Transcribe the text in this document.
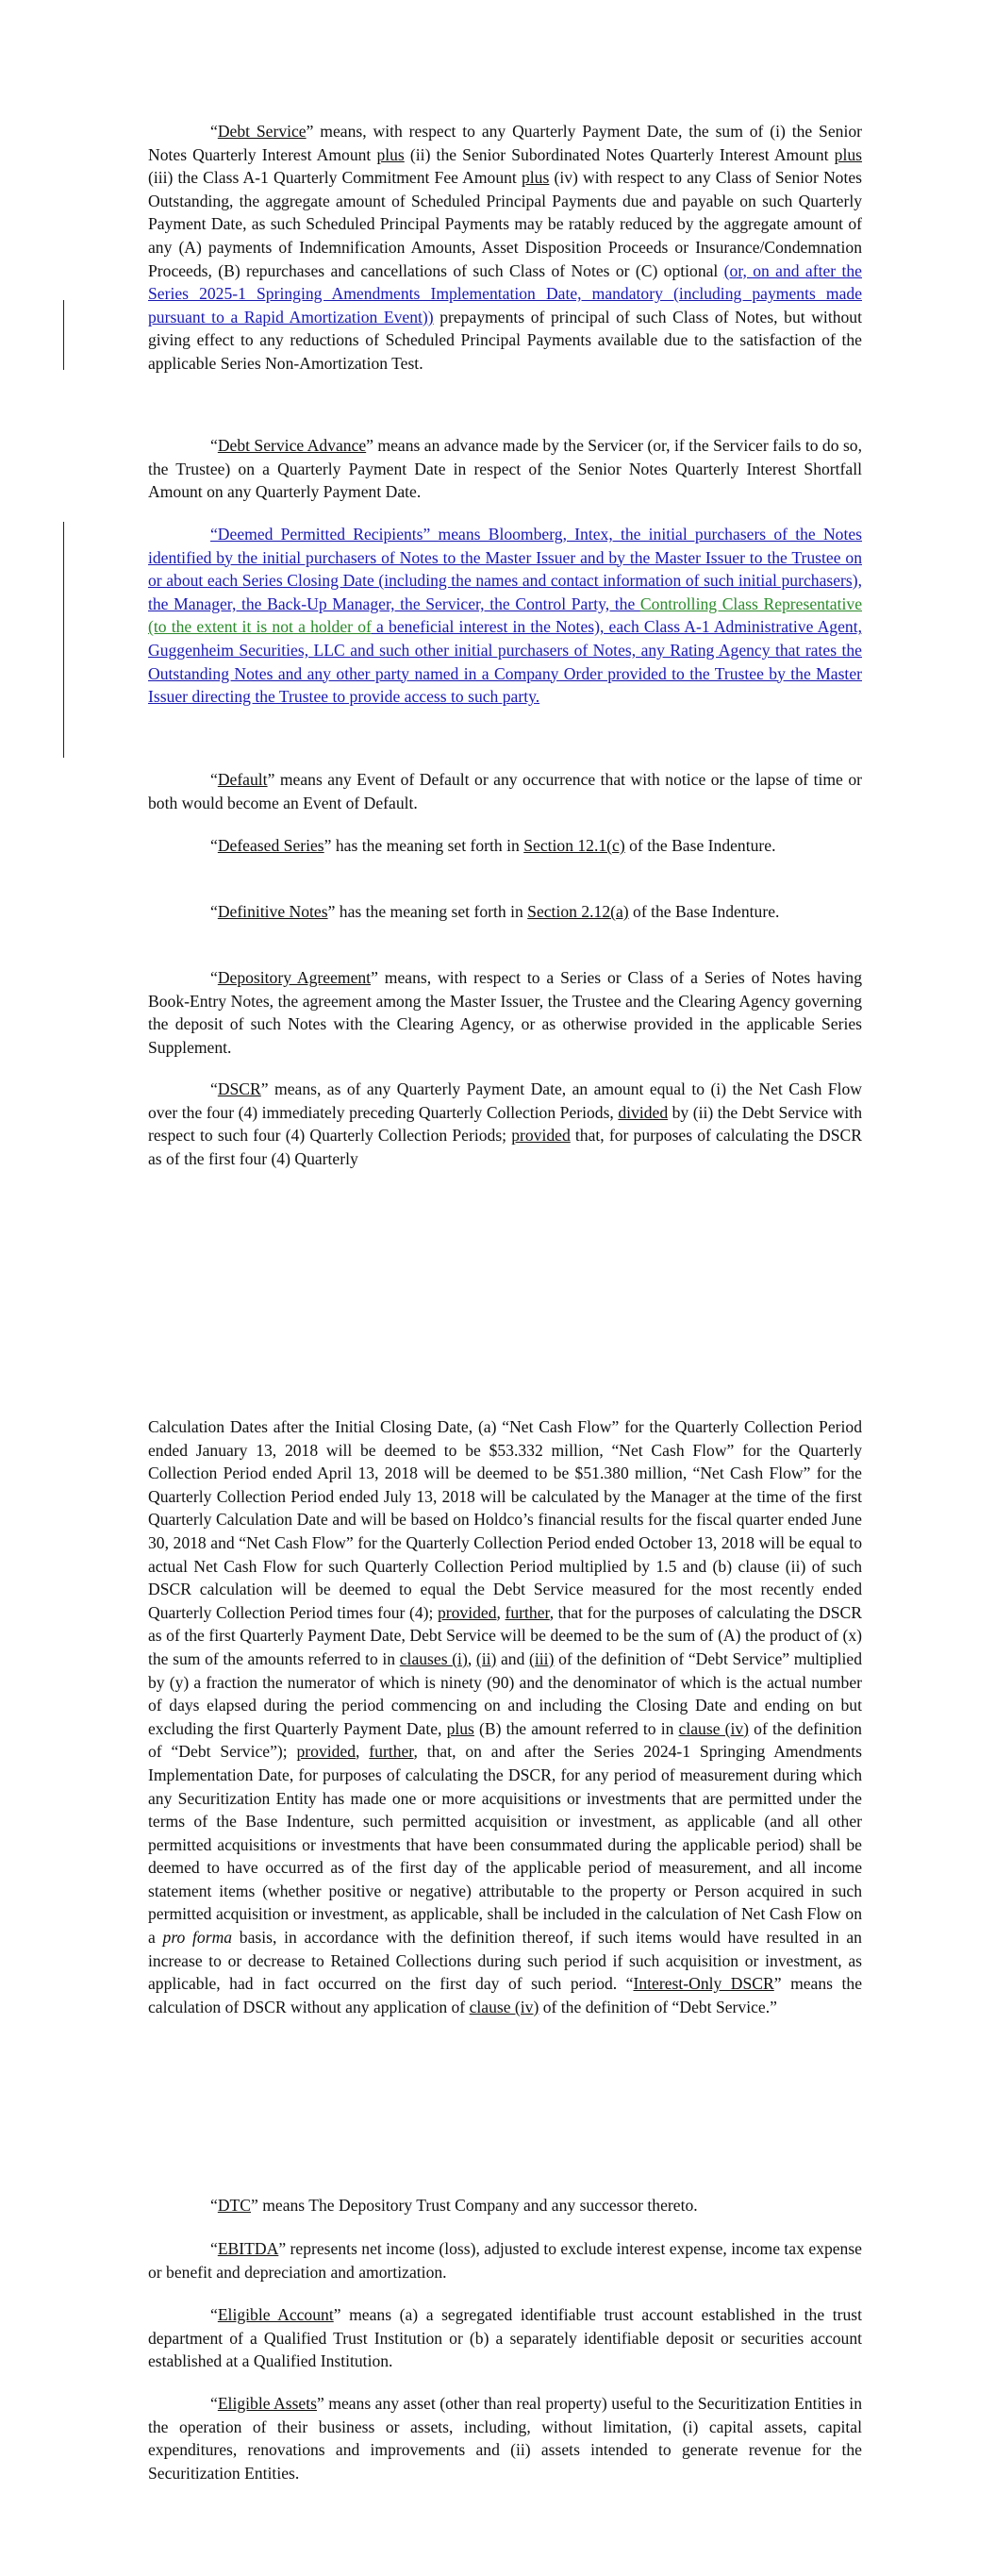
“Debt Service” means, with respect to any Quarterly Payment Date, the sum of (i) the Senior Notes Quarterly Interest Amount plus (ii) the Senior Subordinated Notes Quarterly Interest Amount plus (iii) the Class A-1 Quarterly Commitment Fee Amount plus (iv) with respect to any Class of Senior Notes Outstanding, the aggregate amount of Scheduled Principal Payments due and payable on such Quarterly Payment Date, as such Scheduled Principal Payments may be ratably reduced by the aggregate amount of any (A) payments of Indemnification Amounts, Asset Disposition Proceeds or Insurance/Condemnation Proceeds, (B) repurchases and cancellations of such Class of Notes or (C) optional (or, on and after the Series 2025-1 Springing Amendments Implementation Date, mandatory (including payments made pursuant to a Rapid Amortization Event)) prepayments of principal of such Class of Notes, but without giving effect to any reductions of Scheduled Principal Payments available due to the satisfaction of the applicable Series Non-Amortization Test.

“Debt Service Advance” means an advance made by the Servicer (or, if the Servicer fails to do so, the Trustee) on a Quarterly Payment Date in respect of the Senior Notes Quarterly Interest Shortfall Amount on any Quarterly Payment Date.

“Deemed Permitted Recipients” means Bloomberg, Intex, the initial purchasers of the Notes identified by the initial purchasers of Notes to the Master Issuer and by the Master Issuer to the Trustee on or about each Series Closing Date (including the names and contact information of such initial purchasers), the Manager, the Back-Up Manager, the Servicer, the Control Party, the Controlling Class Representative (to the extent it is not a holder of a beneficial interest in the Notes), each Class A-1 Administrative Agent, Guggenheim Securities, LLC and such other initial purchasers of Notes, any Rating Agency that rates the Outstanding Notes and any other party named in a Company Order provided to the Trustee by the Master Issuer directing the Trustee to provide access to such party.

“Default” means any Event of Default or any occurrence that with notice or the lapse of time or both would become an Event of Default.

“Defeased Series” has the meaning set forth in Section 12.1(c) of the Base Indenture.

“Definitive Notes” has the meaning set forth in Section 2.12(a) of the Base Indenture.

“Depository Agreement” means, with respect to a Series or Class of a Series of Notes having Book-Entry Notes, the agreement among the Master Issuer, the Trustee and the Clearing Agency governing the deposit of such Notes with the Clearing Agency, or as otherwise provided in the applicable Series Supplement.

“DSCR” means, as of any Quarterly Payment Date, an amount equal to (i) the Net Cash Flow over the four (4) immediately preceding Quarterly Collection Periods, divided by (ii) the Debt Service with respect to such four (4) Quarterly Collection Periods; provided that, for purposes of calculating the DSCR as of the first four (4) Quarterly

Calculation Dates after the Initial Closing Date, (a) “Net Cash Flow” for the Quarterly Collection Period ended January 13, 2018 will be deemed to be $53.332 million, “Net Cash Flow” for the Quarterly Collection Period ended April 13, 2018 will be deemed to be $51.380 million, “Net Cash Flow” for the Quarterly Collection Period ended July 13, 2018 will be calculated by the Manager at the time of the first Quarterly Calculation Date and will be based on Holdco’s financial results for the fiscal quarter ended June 30, 2018 and “Net Cash Flow” for the Quarterly Collection Period ended October 13, 2018 will be equal to actual Net Cash Flow for such Quarterly Collection Period multiplied by 1.5 and (b) clause (ii) of such DSCR calculation will be deemed to equal the Debt Service measured for the most recently ended Quarterly Collection Period times four (4); provided, further, that for the purposes of calculating the DSCR as of the first Quarterly Payment Date, Debt Service will be deemed to be the sum of (A) the product of (x) the sum of the amounts referred to in clauses (i), (ii) and (iii) of the definition of “Debt Service” multiplied by (y) a fraction the numerator of which is ninety (90) and the denominator of which is the actual number of days elapsed during the period commencing on and including the Closing Date and ending on but excluding the first Quarterly Payment Date, plus (B) the amount referred to in clause (iv) of the definition of “Debt Service”); provided, further, that, on and after the Series 2024-1 Springing Amendments Implementation Date, for purposes of calculating the DSCR, for any period of measurement during which any Securitization Entity has made one or more acquisitions or investments that are permitted under the terms of the Base Indenture, such permitted acquisition or investment, as applicable (and all other permitted acquisitions or investments that have been consummated during the applicable period) shall be deemed to have occurred as of the first day of the applicable period of measurement, and all income statement items (whether positive or negative) attributable to the property or Person acquired in such permitted acquisition or investment, as applicable, shall be included in the calculation of Net Cash Flow on a pro forma basis, in accordance with the definition thereof, if such items would have resulted in an increase to or decrease to Retained Collections during such period if such acquisition or investment, as applicable, had in fact occurred on the first day of such period. “Interest-Only DSCR” means the calculation of DSCR without any application of clause (iv) of the definition of “Debt Service.”

“DTC” means The Depository Trust Company and any successor thereto.

“EBITDA” represents net income (loss), adjusted to exclude interest expense, income tax expense or benefit and depreciation and amortization.

“Eligible Account” means (a) a segregated identifiable trust account established in the trust department of a Qualified Trust Institution or (b) a separately identifiable deposit or securities account established at a Qualified Institution.

“Eligible Assets” means any asset (other than real property) useful to the Securitization Entities in the operation of their business or assets, including, without limitation, (i) capital assets, capital expenditures, renovations and improvements and (ii) assets intended to generate revenue for the Securitization Entities.
